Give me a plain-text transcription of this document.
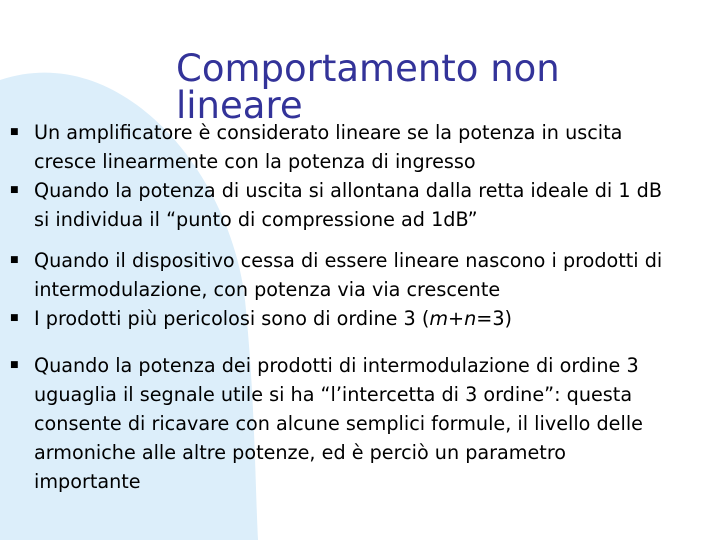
Comportamento non lineare
■ Un amplificatore è considerato lineare se la potenza in uscita
cresce linearmente con la potenza di ingresso
■ Quando la potenza di uscita si allontana dalla retta ideale di 1 dB
si individua il “punto di compressione ad 1dB”
■ Quando il dispositivo cessa di essere lineare nascono i prodotti di
intermodulazione, con potenza via via crescente
■ I prodotti più pericolosi sono di ordine 3 (m+n=3)
■ Quando la potenza dei prodotti di intermodulazione di ordine 3
uguaglia il segnale utile si ha “l’intercetta di 3 ordine”: questa
consente di ricavare con alcune semplici formule, il livello delle
armoniche alle altre potenze, ed è perciò un parametro
importante
